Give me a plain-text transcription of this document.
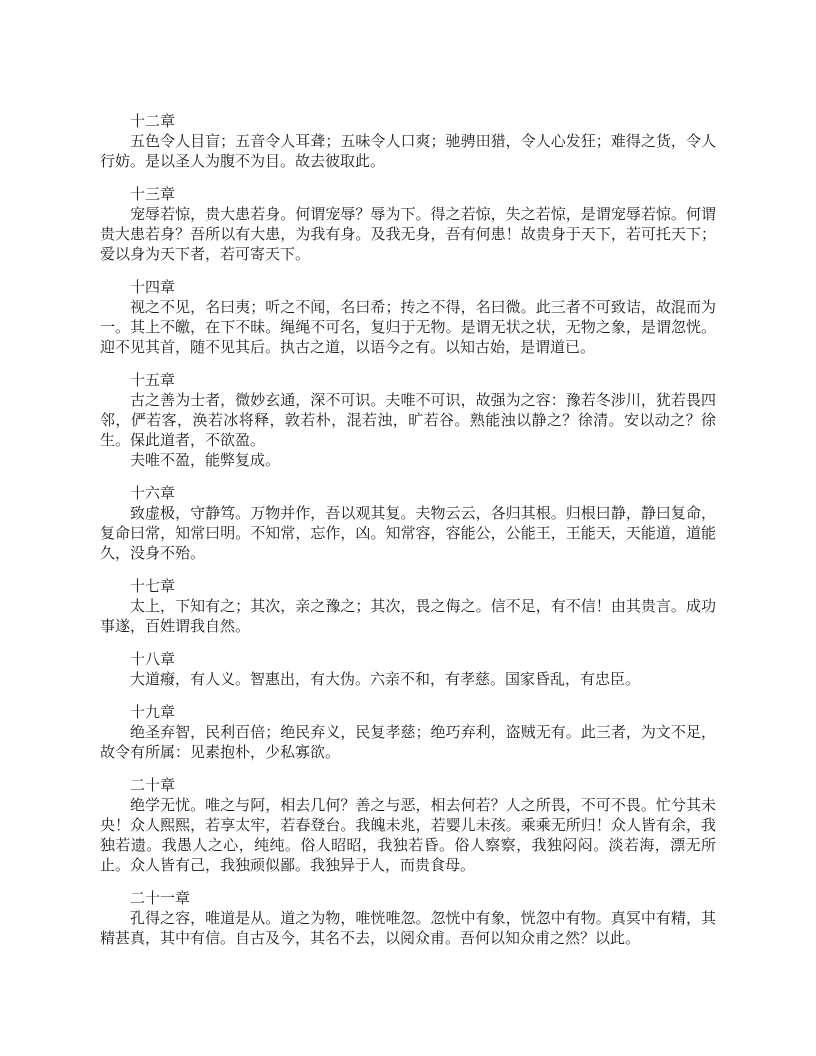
十二章

五色令人目盲；五音令人耳聋；五味令人口爽；驰骋田猎，令人心发狂；难得之货，令人行妨。是以圣人为腹不为目。故去彼取此。

十三章

宠辱若惊，贵大患若身。何谓宠辱？辱为下。得之若惊，失之若惊，是谓宠辱若惊。何谓贵大患若身？吾所以有大患，为我有身。及我无身，吾有何患！故贵身于天下，若可托天下；爱以身为天下者，若可寄天下。

十四章

视之不见，名曰夷；听之不闻，名曰希；抟之不得，名曰微。此三者不可致诘，故混而为一。其上不皦，在下不昧。绳绳不可名，复归于无物。是谓无状之状，无物之象，是谓忽恍。迎不见其首，随不见其后。执古之道，以语今之有。以知古始，是谓道已。

十五章

古之善为士者，微妙玄通，深不可识。夫唯不可识，故强为之容：豫若冬涉川，犹若畏四邻，俨若客，涣若冰将释，敦若朴，混若浊，旷若谷。熟能浊以静之？徐清。安以动之？徐生。保此道者，不欲盈。

夫唯不盈，能弊复成。

十六章

致虚极，守静笃。万物并作，吾以观其复。夫物云云，各归其根。归根曰静，静曰复命，复命曰常，知常曰明。不知常，忘作，凶。知常容，容能公，公能王，王能天，天能道，道能久，没身不殆。

十七章

太上，下知有之；其次，亲之豫之；其次，畏之侮之。信不足，有不信！由其贵言。成功事遂，百姓谓我自然。

十八章

大道癈，有人义。智惠出，有大伪。六亲不和，有孝慈。国家昏乱，有忠臣。

十九章

绝圣弃智，民利百倍；绝民弃义，民复孝慈；绝巧弃利，盗贼无有。此三者，为文不足，故令有所属：见素抱朴，少私寡欲。

二十章

绝学无忧。唯之与阿，相去几何？善之与恶，相去何若？人之所畏，不可不畏。忙兮其未央！众人熙熙，若享太牢，若春登台。我魄未兆，若婴儿未孩。乘乘无所归！众人皆有余，我独若遗。我愚人之心，纯纯。俗人昭昭，我独若昏。俗人察察，我独闷闷。淡若海，漂无所止。众人皆有己，我独顽似鄙。我独异于人，而贵食母。

二十一章

孔得之容，唯道是从。道之为物，唯恍唯忽。忽恍中有象，恍忽中有物。真冥中有精，其精甚真，其中有信。自古及今，其名不去，以阅众甫。吾何以知众甫之然？以此。
